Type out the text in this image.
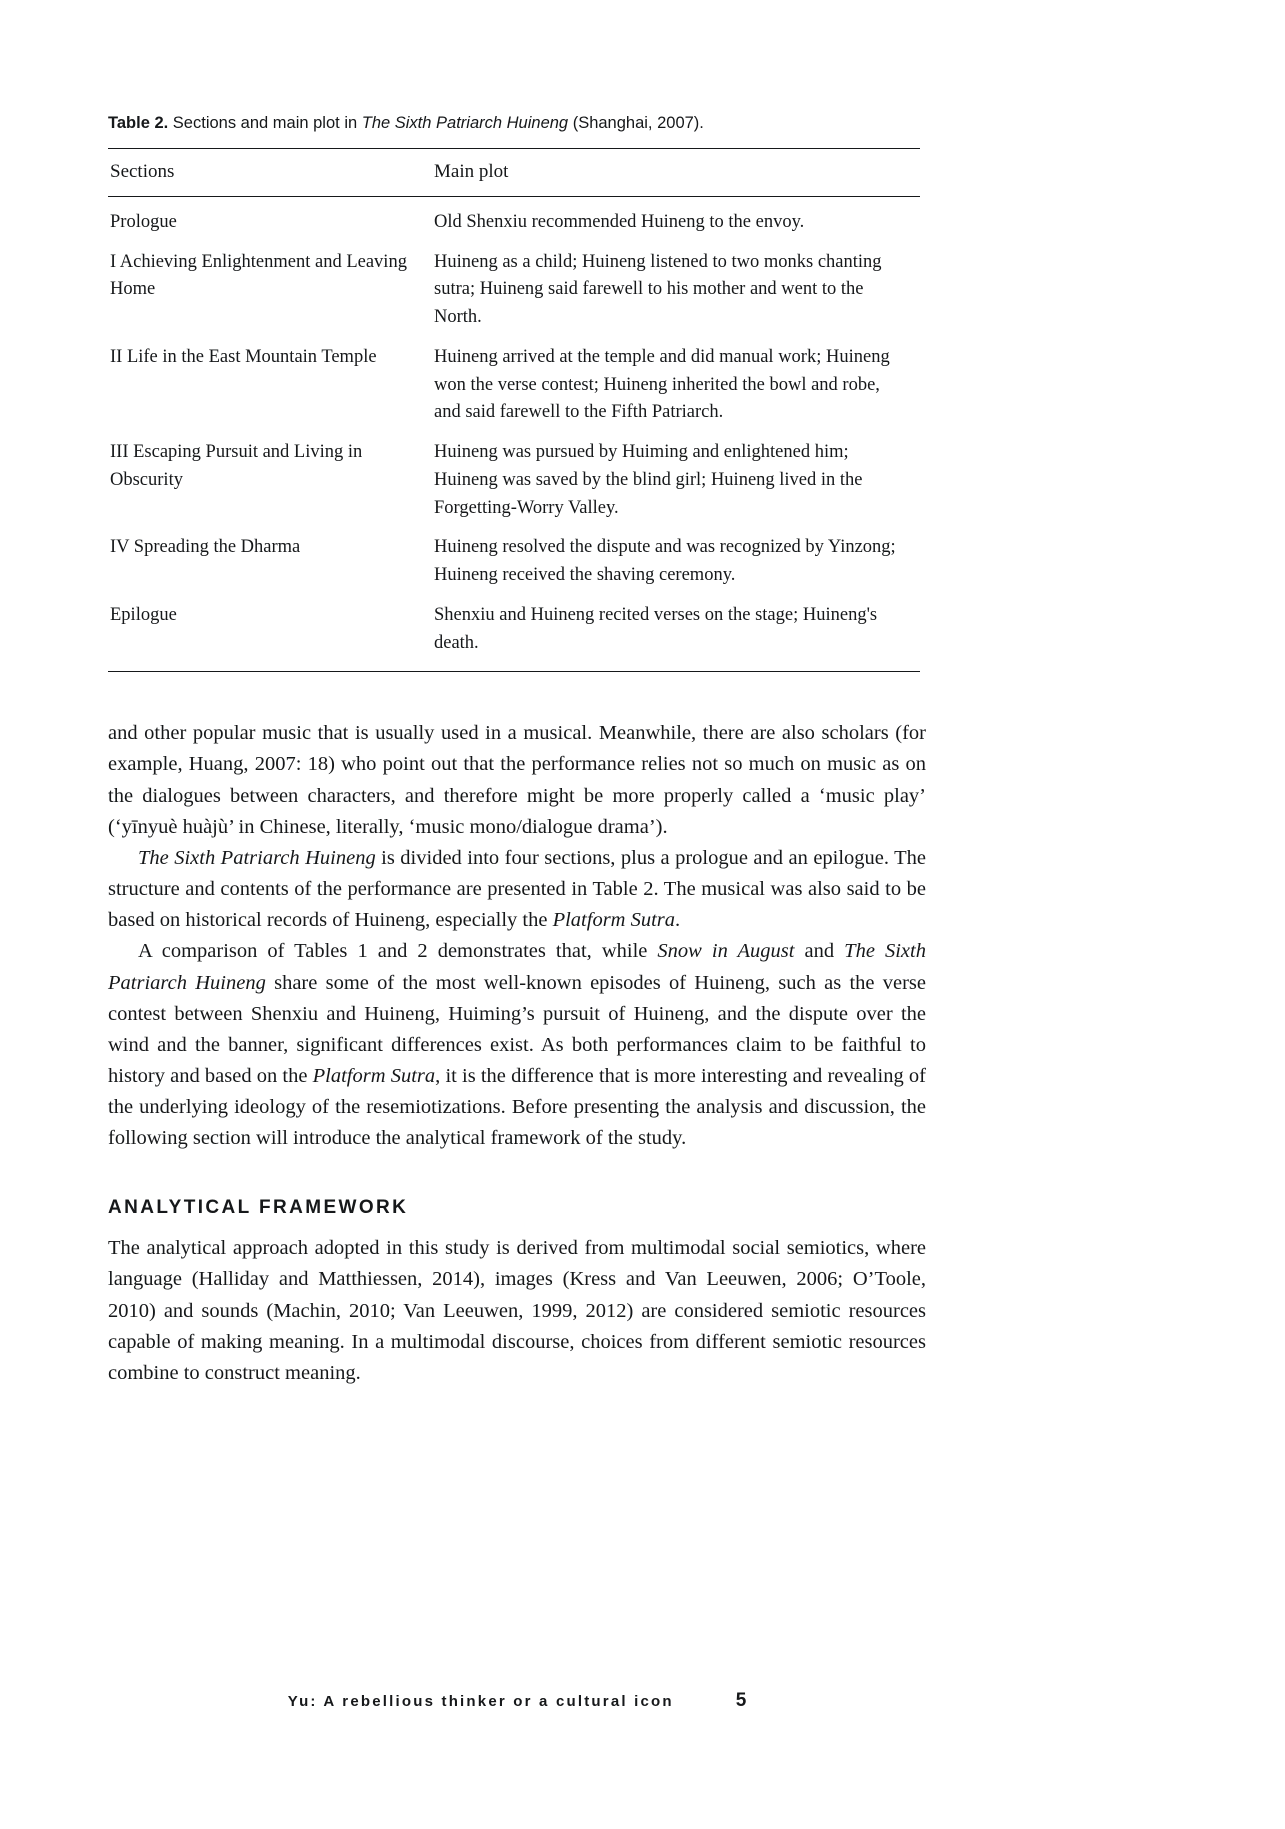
Table 2. Sections and main plot in The Sixth Patriarch Huineng (Shanghai, 2007).
Sections	Main plot
Prologue	Old Shenxiu recommended Huineng to the envoy.
I Achieving Enlightenment and Leaving Home	Huineng as a child; Huineng listened to two monks chanting sutra; Huineng said farewell to his mother and went to the North.
II Life in the East Mountain Temple	Huineng arrived at the temple and did manual work; Huineng won the verse contest; Huineng inherited the bowl and robe, and said farewell to the Fifth Patriarch.
III Escaping Pursuit and Living in Obscurity	Huineng was pursued by Huiming and enlightened him; Huineng was saved by the blind girl; Huineng lived in the Forgetting-Worry Valley.
IV Spreading the Dharma	Huineng resolved the dispute and was recognized by Yinzong; Huineng received the shaving ceremony.
Epilogue	Shenxiu and Huineng recited verses on the stage; Huineng's death.

and other popular music that is usually used in a musical. Meanwhile, there are also scholars (for example, Huang, 2007: 18) who point out that the performance relies not so much on music as on the dialogues between characters, and therefore might be more properly called a ‘music play’ (‘yīnyuè huàjù’ in Chinese, literally, ‘music mono/dialogue drama’).

The Sixth Patriarch Huineng is divided into four sections, plus a prologue and an epilogue. The structure and contents of the performance are presented in Table 2. The musical was also said to be based on historical records of Huineng, especially the Platform Sutra.

A comparison of Tables 1 and 2 demonstrates that, while Snow in August and The Sixth Patriarch Huineng share some of the most well-known episodes of Huineng, such as the verse contest between Shenxiu and Huineng, Huiming’s pursuit of Huineng, and the dispute over the wind and the banner, significant differences exist. As both performances claim to be faithful to history and based on the Platform Sutra, it is the difference that is more interesting and revealing of the underlying ideology of the resemiotizations. Before presenting the analysis and discussion, the following section will introduce the analytical framework of the study.

ANALYTICAL FRAMEWORK

The analytical approach adopted in this study is derived from multimodal social semiotics, where language (Halliday and Matthiessen, 2014), images (Kress and Van Leeuwen, 2006; O’Toole, 2010) and sounds (Machin, 2010; Van Leeuwen, 1999, 2012) are considered semiotic resources capable of making meaning. In a multimodal discourse, choices from different semiotic resources combine to construct meaning.

Yu: A rebellious thinker or a cultural icon	5
